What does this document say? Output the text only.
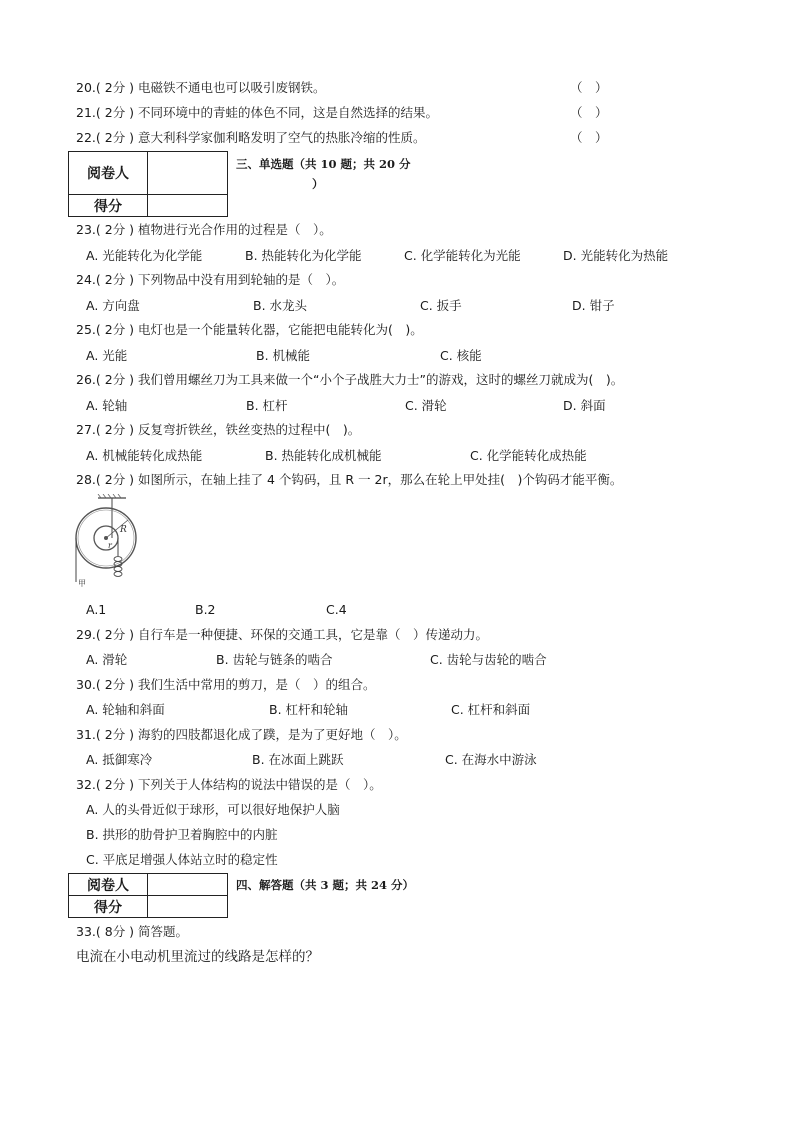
20.( 2分 ) 电磁铁不通电也可以吸引废钢铁。	（　）
21.( 2分 ) 不同环境中的青蛙的体色不同，这是自然选择的结果。	（　）
22.( 2分 ) 意大利科学家伽利略发明了空气的热胀冷缩的性质。	（　）
阅卷人	
得分	
三、单选题（共 10 题；共 20 分
）
23.( 2分 ) 植物进行光合作用的过程是（　）。
A. 光能转化为化学能	B. 热能转化为化学能	C. 化学能转化为光能	D. 光能转化为热能
24.( 2分 ) 下列物品中没有用到轮轴的是（　）。
A. 方向盘	B. 水龙头	C. 扳手	D. 钳子
25.( 2分 ) 电灯也是一个能量转化器，它能把电能转化为(　)。
A. 光能	B. 机械能	C. 核能
26.( 2分 ) 我们曾用螺丝刀为工具来做一个“小个子战胜大力士”的游戏，这时的螺丝刀就成为(　)。
A. 轮轴	B. 杠杆	C. 滑轮	D. 斜面
27.( 2分 ) 反复弯折铁丝，铁丝变热的过程中(　)。
A. 机械能转化成热能	B. 热能转化成机械能	C. 化学能转化成热能
28.( 2分 ) 如图所示，在轴上挂了 4 个钩码，且 R 一 2r，那么在轮上甲处挂(　)个钩码才能平衡。
R
r
甲
A.1	B.2	C.4
29.( 2分 ) 自行车是一种便捷、环保的交通工具，它是靠（　）传递动力。
A. 滑轮	B. 齿轮与链条的啮合	C. 齿轮与齿轮的啮合
30.( 2分 ) 我们生活中常用的剪刀，是（　）的组合。
A. 轮轴和斜面	B. 杠杆和轮轴	C. 杠杆和斜面
31.( 2分 ) 海豹的四肢都退化成了蹼，是为了更好地（　）。
A. 抵御寒冷	B. 在冰面上跳跃	C. 在海水中游泳
32.( 2分 ) 下列关于人体结构的说法中错误的是（　）。
A. 人的头骨近似于球形，可以很好地保护人脑
B. 拱形的肋骨护卫着胸腔中的内脏
C. 平底足增强人体站立时的稳定性
阅卷人	
得分	
四、解答题（共 3 题；共 24 分）
33.( 8分 ) 简答题。
电流在小电动机里流过的线路是怎样的？
